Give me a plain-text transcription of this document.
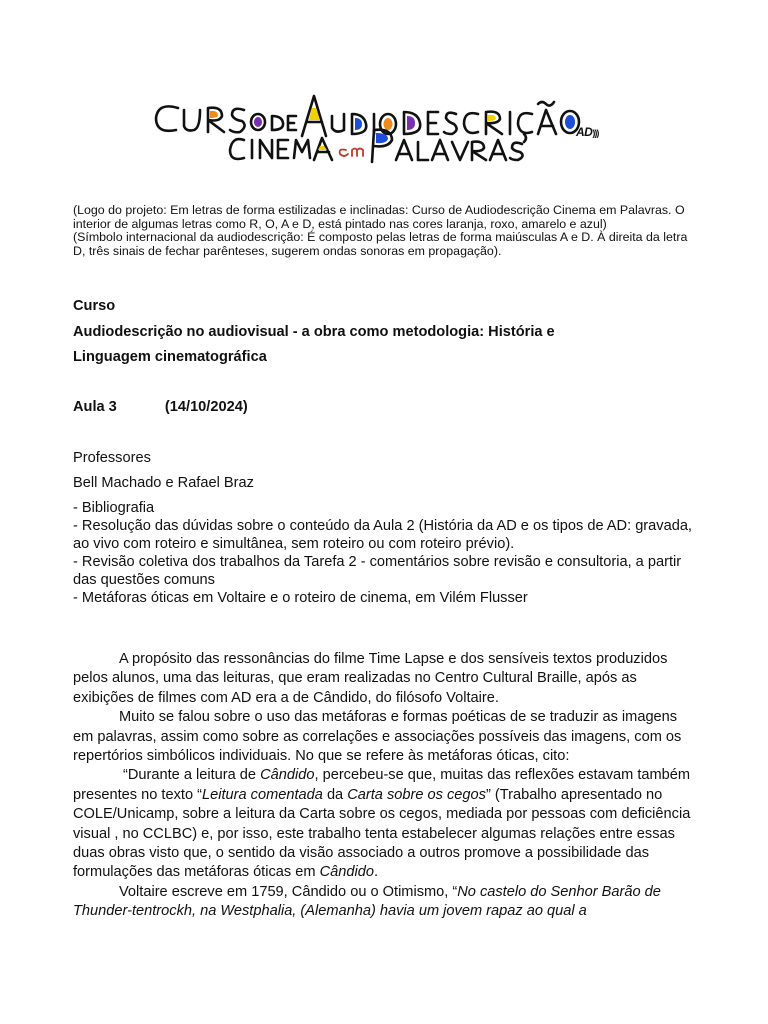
AD)))
(Logo do projeto: Em letras de forma estilizadas e inclinadas: Curso de Audiodescrição Cinema em Palavras. O interior de algumas letras como R, O, A e D, está pintado nas cores laranja, roxo, amarelo e azul)
(Símbolo internacional da audiodescrição: É composto pelas letras de forma maiúsculas A e D. À direita da letra D, três sinais de fechar parênteses, sugerem ondas sonoras em propagação).
Curso
Audiodescrição no audiovisual - a obra como metodologia: História e
Linguagem cinematográfica
Aula 3	(14/10/2024)
Professores
Bell Machado e Rafael Braz
- Bibliografia
- Resolução das dúvidas sobre o conteúdo da Aula 2 (História da AD e os tipos de AD: gravada, ao vivo com roteiro e simultânea, sem roteiro ou com roteiro prévio).
- Revisão coletiva dos trabalhos da Tarefa 2 - comentários sobre revisão e consultoria, a partir das questões comuns
- Metáforas óticas em Voltaire e o roteiro de cinema, em Vilém Flusser
A propósito das ressonâncias do filme Time Lapse e dos sensíveis textos produzidos pelos alunos, uma das leituras, que eram realizadas no Centro Cultural Braille, após as exibições de filmes com AD era a de Cândido, do filósofo Voltaire.
Muito se falou sobre o uso das metáforas e formas poéticas de se traduzir as imagens em palavras, assim como sobre as correlações e associações possíveis das imagens, com os repertórios simbólicos individuais. No que se refere às metáforas óticas, cito:
“Durante a leitura de Cândido, percebeu-se que, muitas das reflexões estavam também presentes no texto “Leitura comentada da Carta sobre os cegos” (Trabalho apresentado no COLE/Unicamp, sobre a leitura da Carta sobre os cegos, mediada por pessoas com deficiência visual , no CCLBC) e, por isso, este trabalho tenta estabelecer algumas relações entre essas duas obras visto que, o sentido da visão associado a outros promove a possibilidade das formulações das metáforas óticas em Cândido.
Voltaire escreve em 1759, Cândido ou o Otimismo, “No castelo do Senhor Barão de Thunder-tentrockh, na Westphalia, (Alemanha) havia um jovem rapaz ao qual a
